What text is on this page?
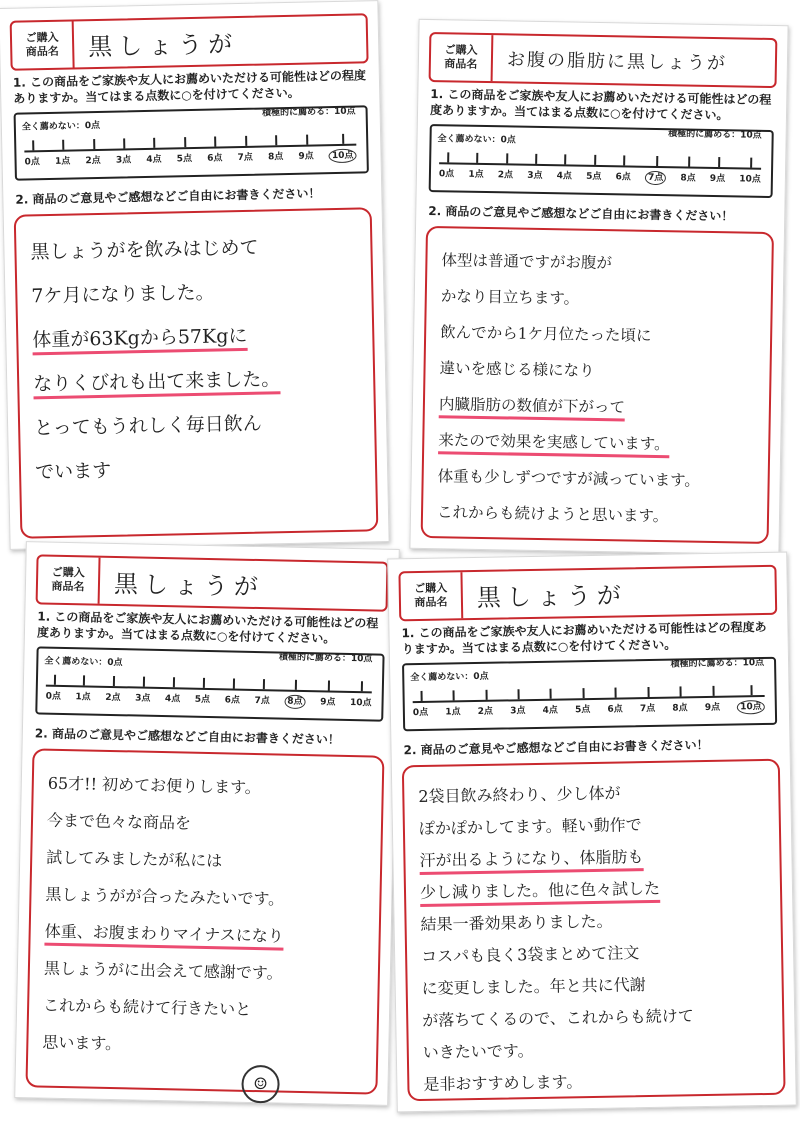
ご購入
商品名	黒しょうが
1. この商品をご家族や友人にお薦めいただける可能性はどの程度ありますか。当てはまる点数に○を付けてください。
全く薦めない：0点
積極的に薦める：10点
0点 1点 2点 3点 4点 5点 6点 7点 8点 9点	10点
2. 商品のご意見やご感想などご自由にお書きください！
黒しょうがを飲みはじめて
7ケ月になりました。
体重が63Kgから57Kgに
なりくびれも出て来ました。
とってもうれしく毎日飲ん
でいます
ご購入
商品名	お腹の脂肪に黒しょうが
1. この商品をご家族や友人にお薦めいただける可能性はどの程度ありますか。当てはまる点数に○を付けてください。
全く薦めない：0点	積極的に薦める：10点
0点 1点 2点 3点 4点 5点 6点	7点	8点 9点 10点
2. 商品のご意見やご感想などご自由にお書きください！
体型は普通ですがお腹が
かなり目立ちます。
飲んでから1ケ月位たった頃に
違いを感じる様になり
内臓脂肪の数値が下がって
来たので効果を実感しています。
体重も少しずつですが減っています。
これからも続けようと思います。
ご購入
商品名	黒しょうが
1. この商品をご家族や友人にお薦めいただける可能性はどの程度ありますか。当てはまる点数に○を付けてください。
全く薦めない：0点	積極的に薦める：10点
0点 1点 2点 3点 4点 5点 6点 7点	8点	9点 10点
2. 商品のご意見やご感想などご自由にお書きください！
65才!! 初めてお便りします。
今まで色々な商品を
試してみましたが私には
黒しょうがが合ったみたいです。
体重、お腹まわりマイナスになり
黒しょうがに出会えて感謝です。
これからも続けて行きたいと
思います。
☺
ご購入
商品名	黒しょうが
1. この商品をご家族や友人にお薦めいただける可能性はどの程度ありますか。当てはまる点数に○を付けてください。
全く薦めない：0点
積極的に薦める：10点
0点 1点 2点 3点 4点 5点 6点 7点 8点 9点	10点
2. 商品のご意見やご感想などご自由にお書きください！
2袋目飲み終わり、少し体が
ぽかぽかしてます。軽い動作で
汗が出るようになり、体脂肪も
少し減りました。他に色々試した
結果一番効果ありました。
コスパも良く3袋まとめて注文
に変更しました。年と共に代謝
が落ちてくるので、これからも続けて
いきたいです。
是非おすすめします。
